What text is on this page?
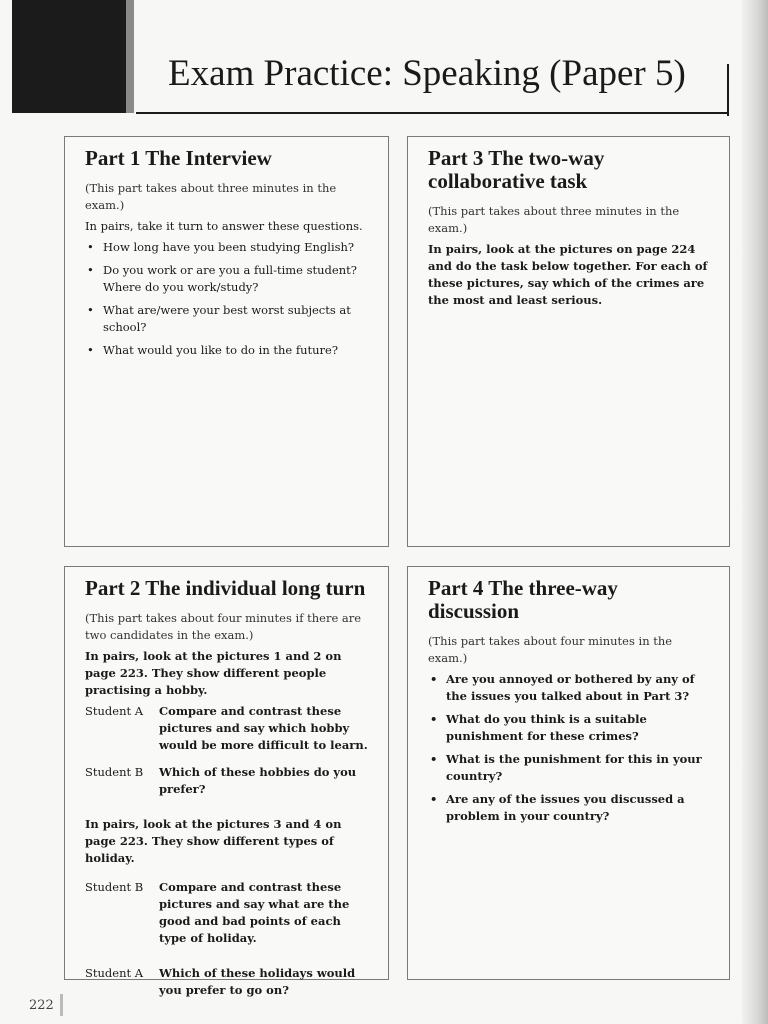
Exam Practice: Speaking (Paper 5)
Part 1 The Interview
(This part takes about three minutes in the exam.)
In pairs, take it turn to answer these questions.
• How long have you been studying English?
• Do you work or are you a full-time student? Where do you work/study?
• What are/were your best worst subjects at school?
• What would you like to do in the future?
Part 3 The two-way collaborative task
(This part takes about three minutes in the exam.)
In pairs, look at the pictures on page 224 and do the task below together. For each of these pictures, say which of the crimes are the most and least serious.
Part 2 The individual long turn
(This part takes about four minutes if there are two candidates in the exam.)
In pairs, look at the pictures 1 and 2 on page 223. They show different people practising a hobby.
Student A	Compare and contrast these pictures and say which hobby would be more difficult to learn.
Student B	Which of these hobbies do you prefer?
In pairs, look at the pictures 3 and 4 on page 223. They show different types of holiday.
Student B	Compare and contrast these pictures and say what are the good and bad points of each type of holiday.
Student A	Which of these holidays would you prefer to go on?
Part 4 The three-way discussion
(This part takes about four minutes in the exam.)
• Are you annoyed or bothered by any of the issues you talked about in Part 3?
• What do you think is a suitable punishment for these crimes?
• What is the punishment for this in your country?
• Are any of the issues you discussed a problem in your country?
222
